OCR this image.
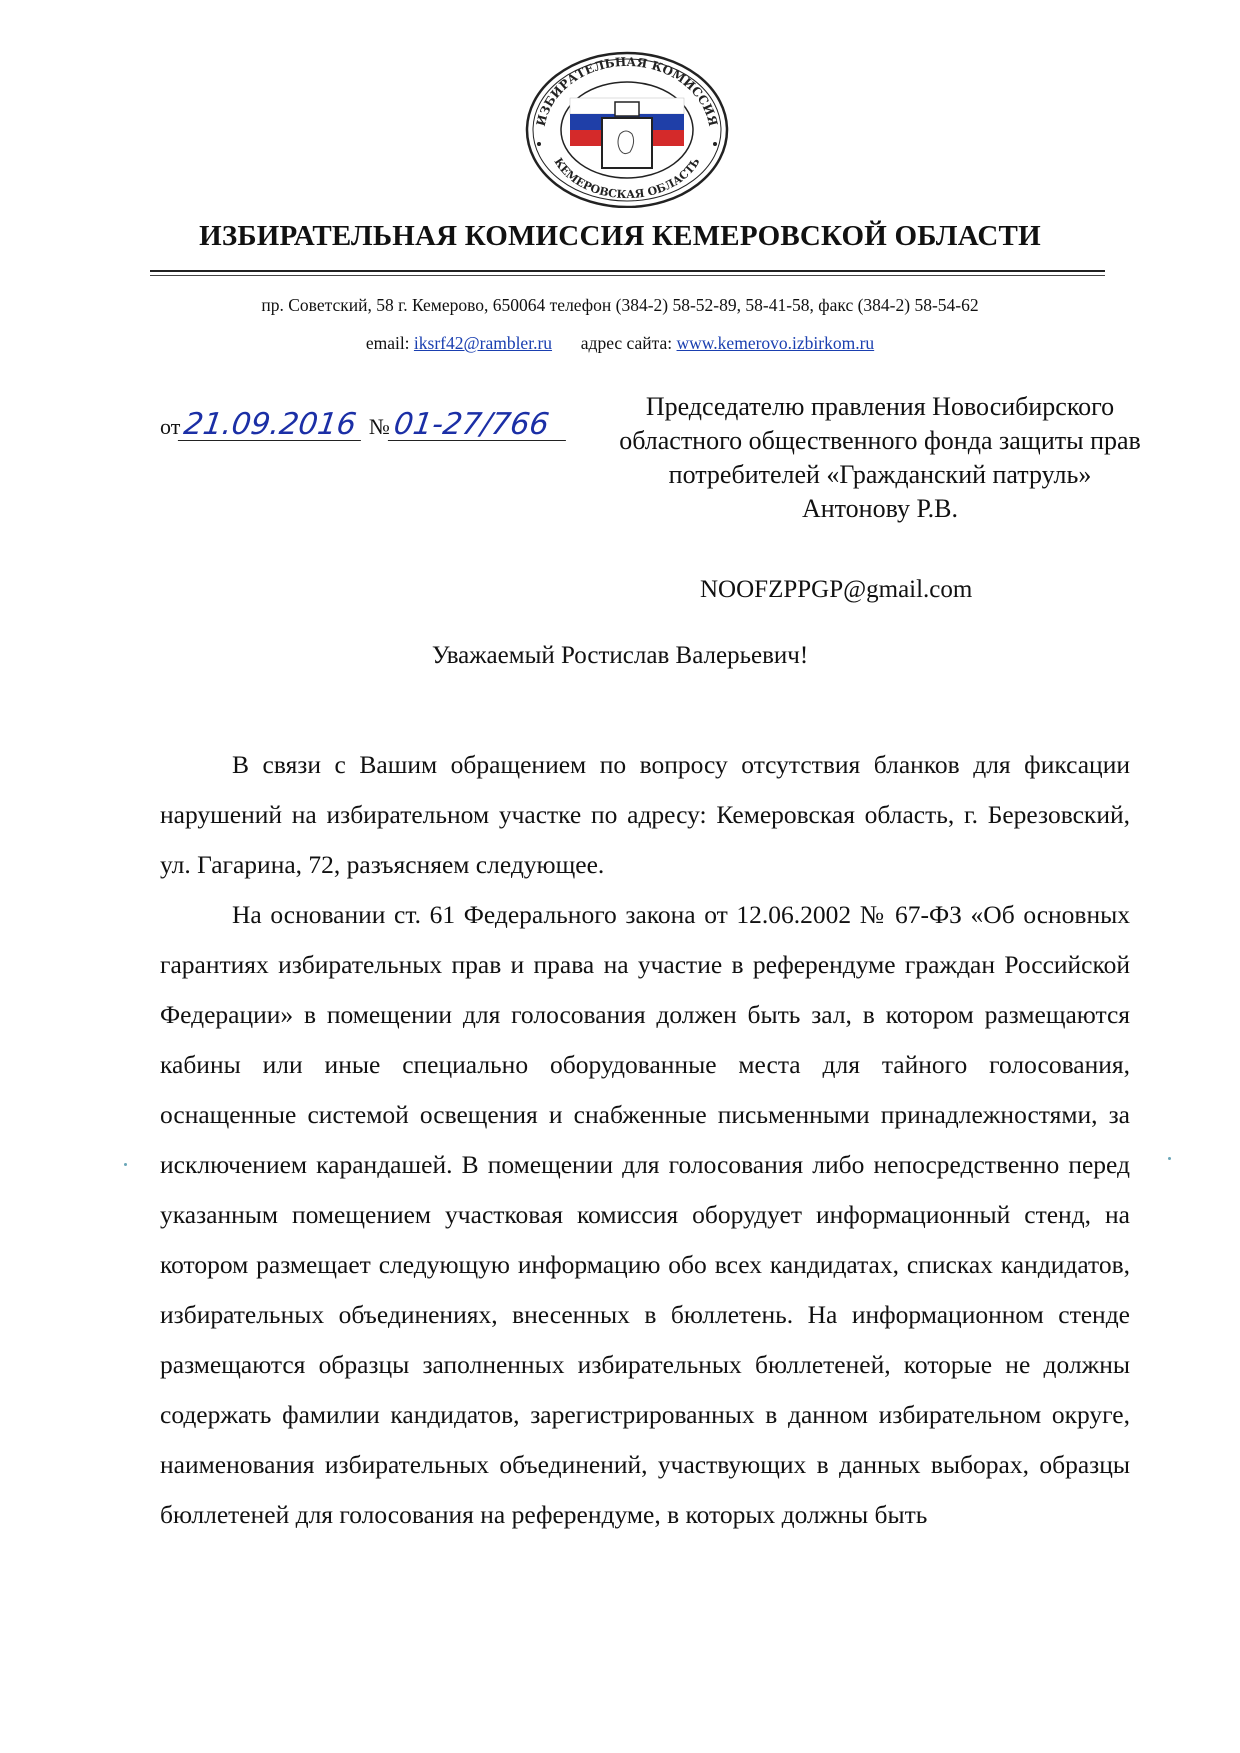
ИЗБИРАТЕЛЬНАЯ КОМИССИЯ
КЕМЕРОВСКАЯ ОБЛАСТЬ
ИЗБИРАТЕЛЬНАЯ КОМИССИЯ КЕМЕРОВСКОЙ ОБЛАСТИ
пр. Советский, 58 г. Кемерово, 650064 телефон (384-2) 58-52-89, 58-41-58, факс (384-2) 58-54-62
email: iksrf42@rambler.ru адрес сайта: www.kemerovo.izbirkom.ru
от21.09.2016 №01-27/766
Председателю правления Новосибирского
областного общественного фонда защиты прав
потребителей «Гражданский патруль»
Антонову Р.В.
NOOFZPPGP@gmail.com
Уважаемый Ростислав Валерьевич!

В связи с Вашим обращением по вопросу отсутствия бланков для фиксации нарушений на избирательном участке по адресу: Кемеровская область, г. Березовский, ул. Гагарина, 72, разъясняем следующее.

На основании ст. 61 Федерального закона от 12.06.2002 № 67-ФЗ «Об основных гарантиях избирательных прав и права на участие в референдуме граждан Российской Федерации» в помещении для голосования должен быть зал, в котором размещаются кабины или иные специально оборудованные места для тайного голосования, оснащенные системой освещения и снабженные письменными принадлежностями, за исключением карандашей. В помещении для голосования либо непосредственно перед указанным помещением участковая комиссия оборудует информационный стенд, на котором размещает следующую информацию обо всех кандидатах, списках кандидатов, избирательных объединениях, внесенных в бюллетень. На информационном стенде размещаются образцы заполненных избирательных бюллетеней, которые не должны содержать фамилии кандидатов, зарегистрированных в данном избирательном округе, наименования избирательных объединений, участвующих в данных выборах, образцы бюллетеней для голосования на референдуме, в которых должны быть
